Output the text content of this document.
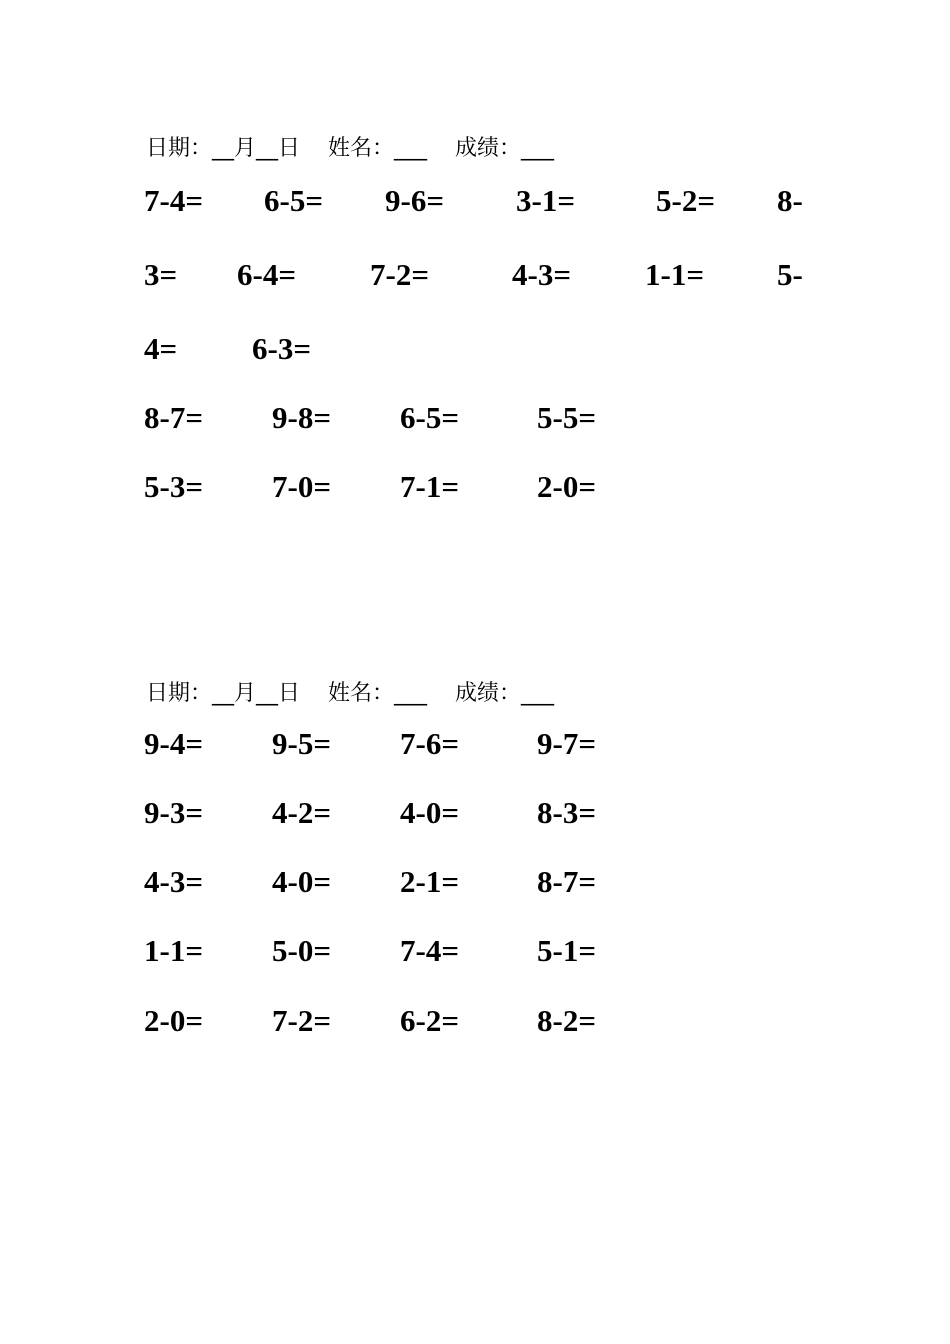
日期：__月__日    姓名：___    成绩：___
7-4= 6-5= 9-6= 3-1=	5-2= 8-
3= 6-4= 7-2=	4-3= 1-1= 5-
4= 6-3=
8-7= 9-8= 6-5=	5-5=
5-3= 7-0= 7-1=	2-0=
日期：__月__日    姓名：___    成绩：___
9-4= 9-5= 7-6=	9-7=
9-3= 4-2= 4-0=	8-3=
4-3= 4-0= 2-1=	8-7=
1-1= 5-0= 7-4=	5-1=
2-0= 7-2= 6-2=	8-2=
